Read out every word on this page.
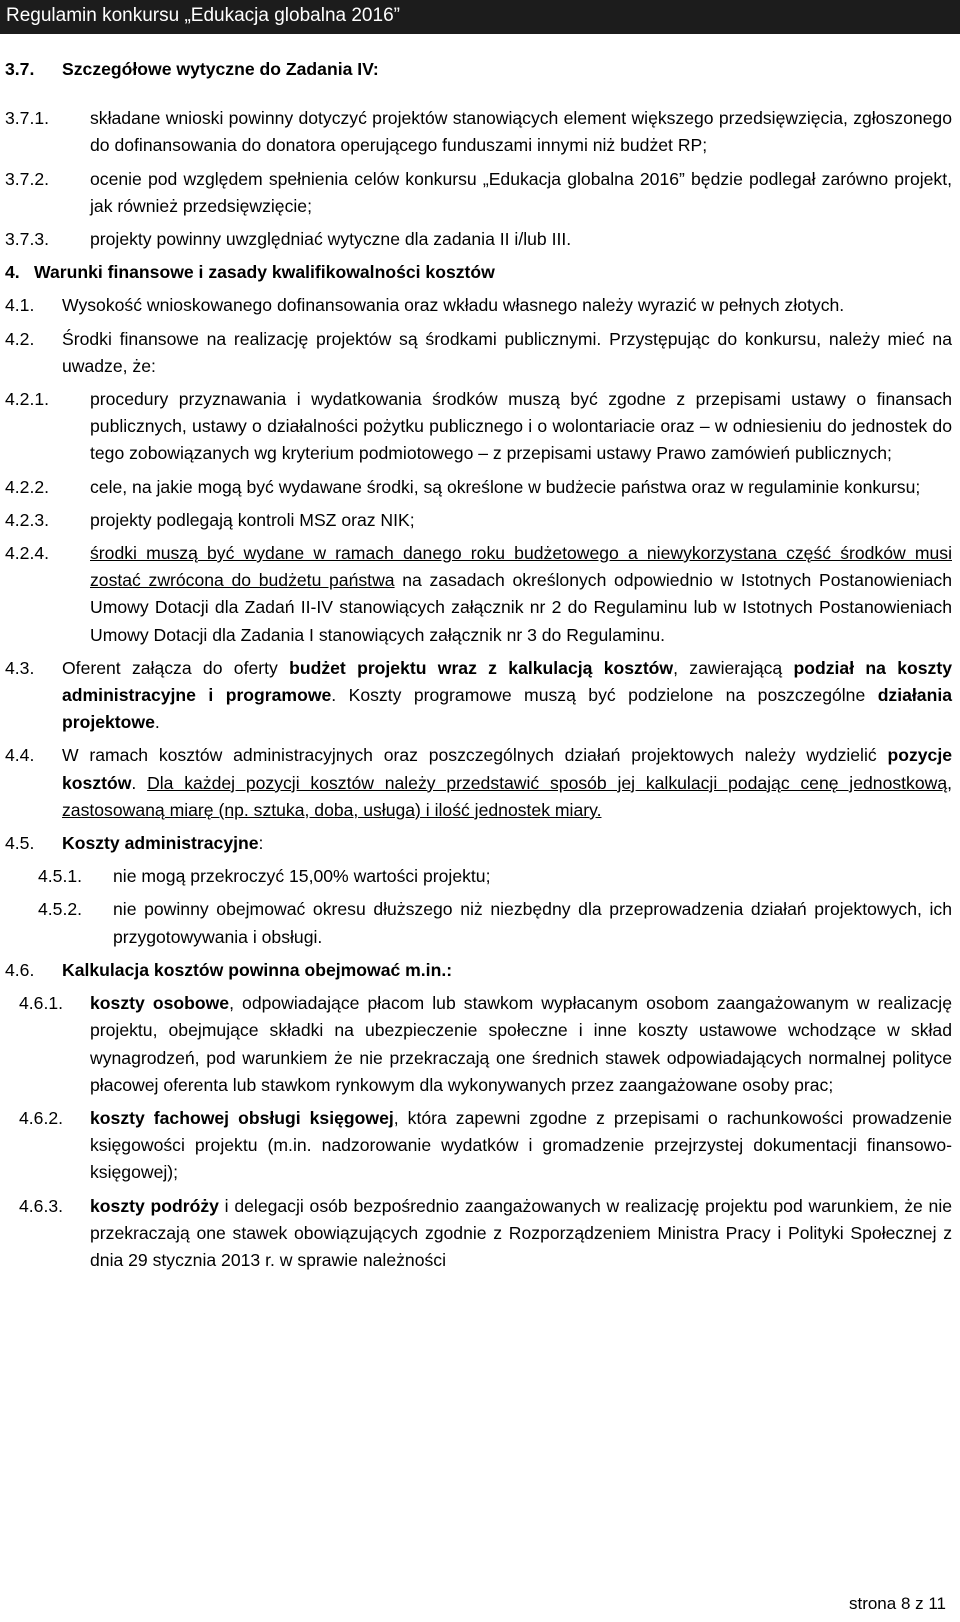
Regulamin konkursu „Edukacja globalna 2016”
3.7. Szczegółowe wytyczne do Zadania IV:
3.7.1. składane wnioski powinny dotyczyć projektów stanowiących element większego przedsięwzięcia, zgłoszonego do dofinansowania do donatora operującego funduszami innymi niż budżet RP;
3.7.2. ocenie pod względem spełnienia celów konkursu „Edukacja globalna 2016” będzie podlegał zarówno projekt, jak również przedsięwzięcie;
3.7.3. projekty powinny uwzględniać wytyczne dla zadania II i/lub III.
4. Warunki finansowe i zasady kwalifikowalności kosztów
4.1. Wysokość wnioskowanego dofinansowania oraz wkładu własnego należy wyrazić w pełnych złotych.
4.2. Środki finansowe na realizację projektów są środkami publicznymi. Przystępując do konkursu, należy mieć na uwadze, że:
4.2.1. procedury przyznawania i wydatkowania środków muszą być zgodne z przepisami ustawy o finansach publicznych, ustawy o działalności pożytku publicznego i o wolontariacie oraz – w odniesieniu do jednostek do tego zobowiązanych wg kryterium podmiotowego – z przepisami ustawy Prawo zamówień publicznych;
4.2.2. cele, na jakie mogą być wydawane środki, są określone w budżecie państwa oraz w regulaminie konkursu;
4.2.3. projekty podlegają kontroli MSZ oraz NIK;
4.2.4. środki muszą być wydane w ramach danego roku budżetowego a niewykorzystana część środków musi zostać zwrócona do budżetu państwa na zasadach określonych odpowiednio w Istotnych Postanowieniach Umowy Dotacji dla Zadań II-IV stanowiących załącznik nr 2 do Regulaminu lub w Istotnych Postanowieniach Umowy Dotacji dla Zadania I stanowiących załącznik nr 3 do Regulaminu.
4.3. Oferent załącza do oferty budżet projektu wraz z kalkulacją kosztów, zawierającą podział na koszty administracyjne i programowe. Koszty programowe muszą być podzielone na poszczególne działania projektowe.
4.4. W ramach kosztów administracyjnych oraz poszczególnych działań projektowych należy wydzielić pozycje kosztów. Dla każdej pozycji kosztów należy przedstawić sposób jej kalkulacji podając cenę jednostkową, zastosowaną miarę (np. sztuka, doba, usługa) i ilość jednostek miary.
4.5. Koszty administracyjne:
4.5.1. nie mogą przekroczyć 15,00% wartości projektu;
4.5.2. nie powinny obejmować okresu dłuższego niż niezbędny dla przeprowadzenia działań projektowych, ich przygotowywania i obsługi.
4.6. Kalkulacja kosztów powinna obejmować m.in.:
4.6.1. koszty osobowe, odpowiadające płacom lub stawkom wypłacanym osobom zaangażowanym w realizację projektu, obejmujące składki na ubezpieczenie społeczne i inne koszty ustawowe wchodzące w skład wynagrodzeń, pod warunkiem że nie przekraczają one średnich stawek odpowiadających normalnej polityce płacowej oferenta lub stawkom rynkowym dla wykonywanych przez zaangażowane osoby prac;
4.6.2. koszty fachowej obsługi księgowej, która zapewni zgodne z przepisami o rachunkowości prowadzenie księgowości projektu (m.in. nadzorowanie wydatków i gromadzenie przejrzystej dokumentacji finansowo-księgowej);
4.6.3. koszty podróży i delegacji osób bezpośrednio zaangażowanych w realizację projektu pod warunkiem, że nie przekraczają one stawek obowiązujących zgodnie z Rozporządzeniem Ministra Pracy i Polityki Społecznej z dnia 29 stycznia 2013 r. w sprawie należności
strona 8 z 11
